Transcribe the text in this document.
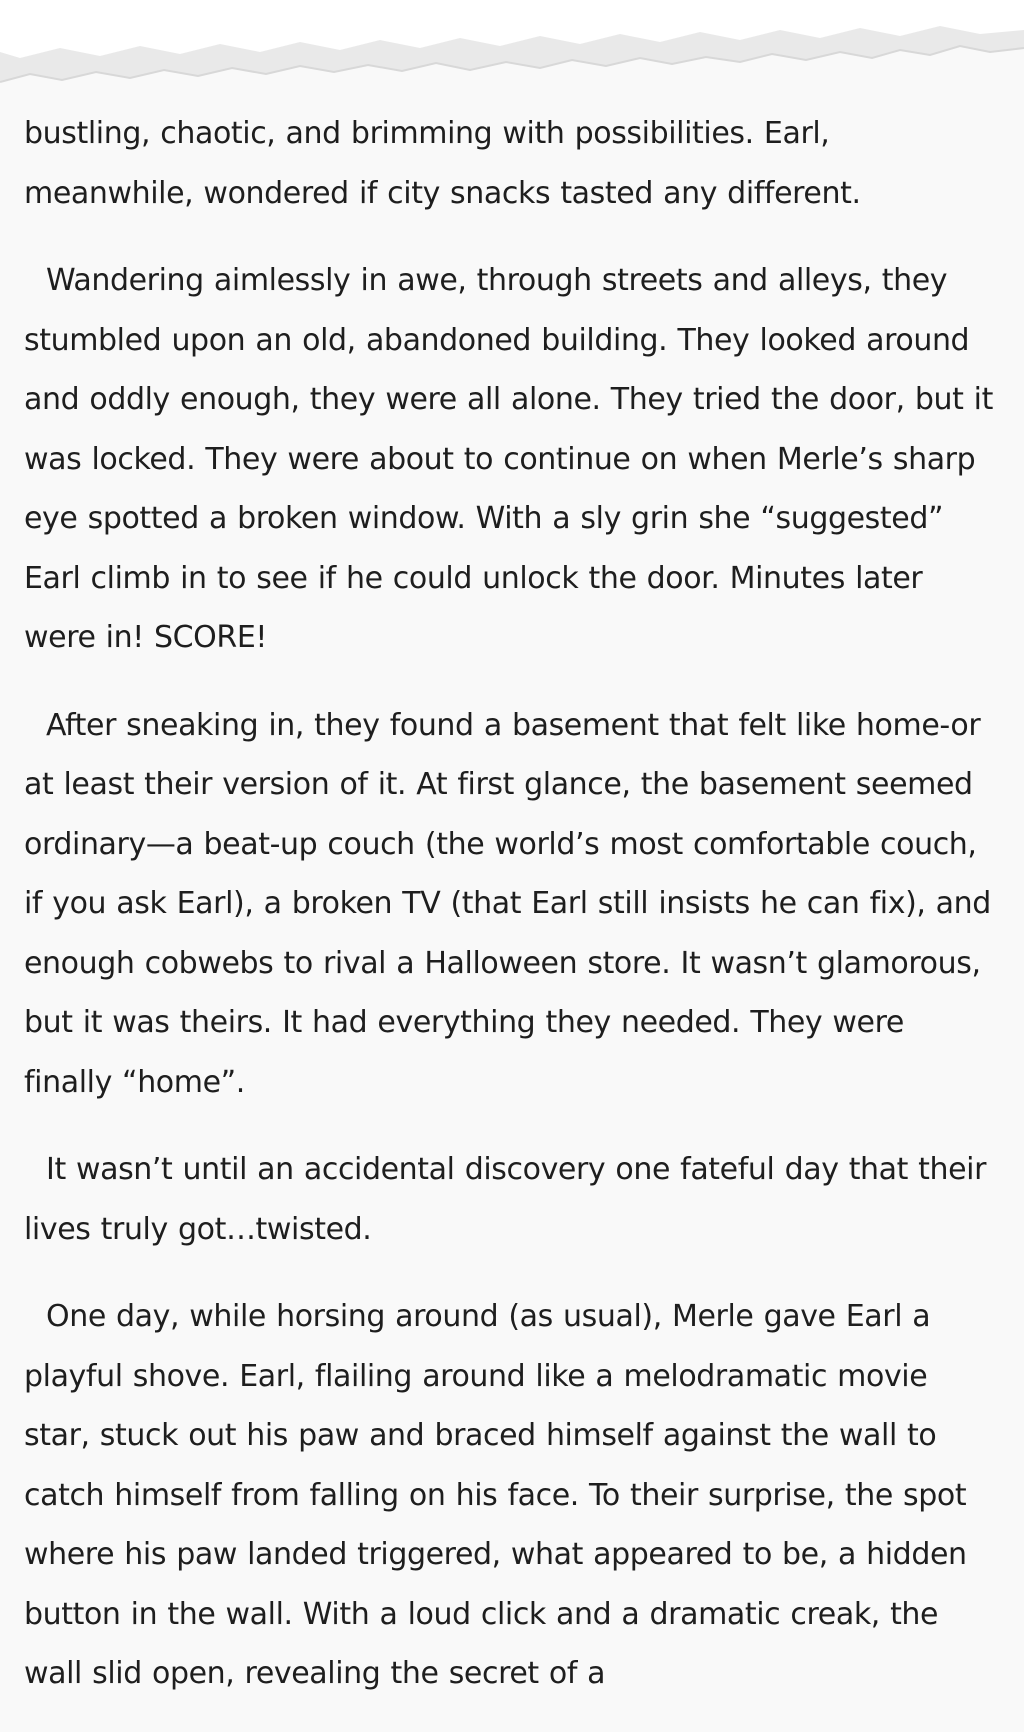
bustling, chaotic, and brimming with possibilities. Earl, meanwhile, wondered if city snacks tasted any different.

Wandering aimlessly in awe, through streets and alleys, they stumbled upon an old, abandoned building. They looked around and oddly enough, they were all alone. They tried the door, but it was locked. They were about to continue on when Merle’s sharp eye spotted a broken window. With a sly grin she “suggested” Earl climb in to see if he could unlock the door. Minutes later were in! SCORE!

After sneaking in, they found a basement that felt like home-or at least their version of it. At first glance, the basement seemed ordinary—a beat-up couch (the world’s most comfortable couch, if you ask Earl), a broken TV (that Earl still insists he can fix), and enough cobwebs to rival a Halloween store. It wasn’t glamorous, but it was theirs. It had everything they needed. They were finally “home”.

It wasn’t until an accidental discovery one fateful day that their lives truly got…twisted.

One day, while horsing around (as usual), Merle gave Earl a playful shove. Earl, flailing around like a melodramatic movie star, stuck out his paw and braced himself against the wall to catch himself from falling on his face. To their surprise, the spot where his paw landed triggered, what appeared to be, a hidden button in the wall. With a loud click and a dramatic creak, the wall slid open, revealing the secret of a
